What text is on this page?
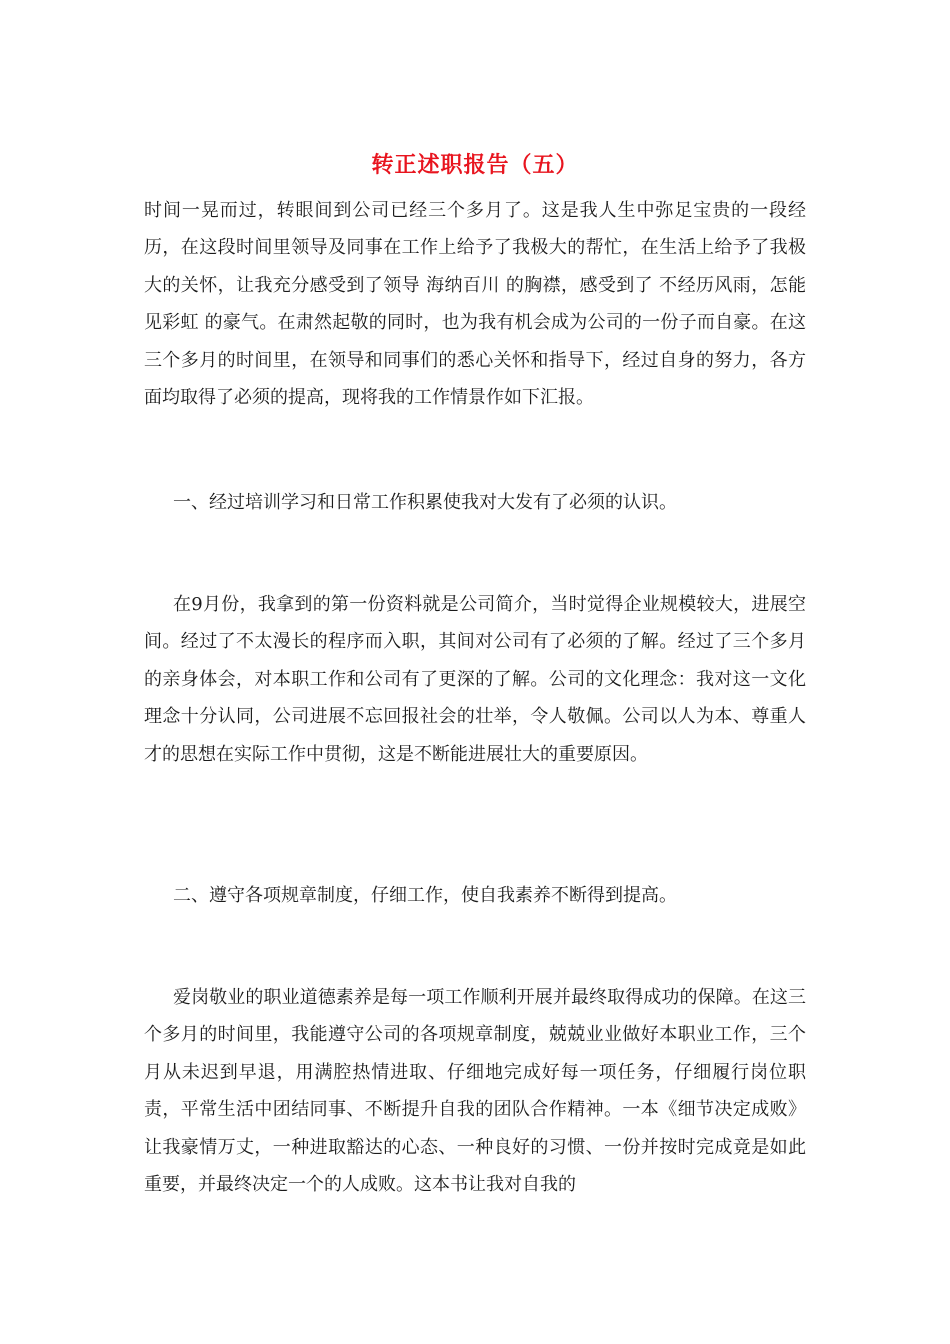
转正述职报告（五）

时间一晃而过，转眼间到公司已经三个多月了。这是我人生中弥足宝贵的一段经历，在这段时间里领导及同事在工作上给予了我极大的帮忙，在生活上给予了我极大的关怀，让我充分感受到了领导 海纳百川 的胸襟，感受到了 不经历风雨，怎能见彩虹 的豪气。在肃然起敬的同时，也为我有机会成为公司的一份子而自豪。在这三个多月的时间里，在领导和同事们的悉心关怀和指导下，经过自身的努力，各方面均取得了必须的提高，现将我的工作情景作如下汇报。

一、经过培训学习和日常工作积累使我对大发有了必须的认识。

在9月份，我拿到的第一份资料就是公司简介，当时觉得企业规模较大，进展空间。经过了不太漫长的程序而入职，其间对公司有了必须的了解。经过了三个多月的亲身体会，对本职工作和公司有了更深的了解。公司的文化理念：我对这一文化理念十分认同，公司进展不忘回报社会的壮举，令人敬佩。公司以人为本、尊重人才的思想在实际工作中贯彻，这是不断能进展壮大的重要原因。

二、遵守各项规章制度，仔细工作，使自我素养不断得到提高。

爱岗敬业的职业道德素养是每一项工作顺利开展并最终取得成功的保障。在这三个多月的时间里，我能遵守公司的各项规章制度，兢兢业业做好本职业工作，三个月从未迟到早退，用满腔热情进取、仔细地完成好每一项任务，仔细履行岗位职责，平常生活中团结同事、不断提升自我的团队合作精神。一本《细节决定成败》让我豪情万丈，一种进取豁达的心态、一种良好的习惯、一份并按时完成竟是如此重要，并最终决定一个的人成败。这本书让我对自我的
